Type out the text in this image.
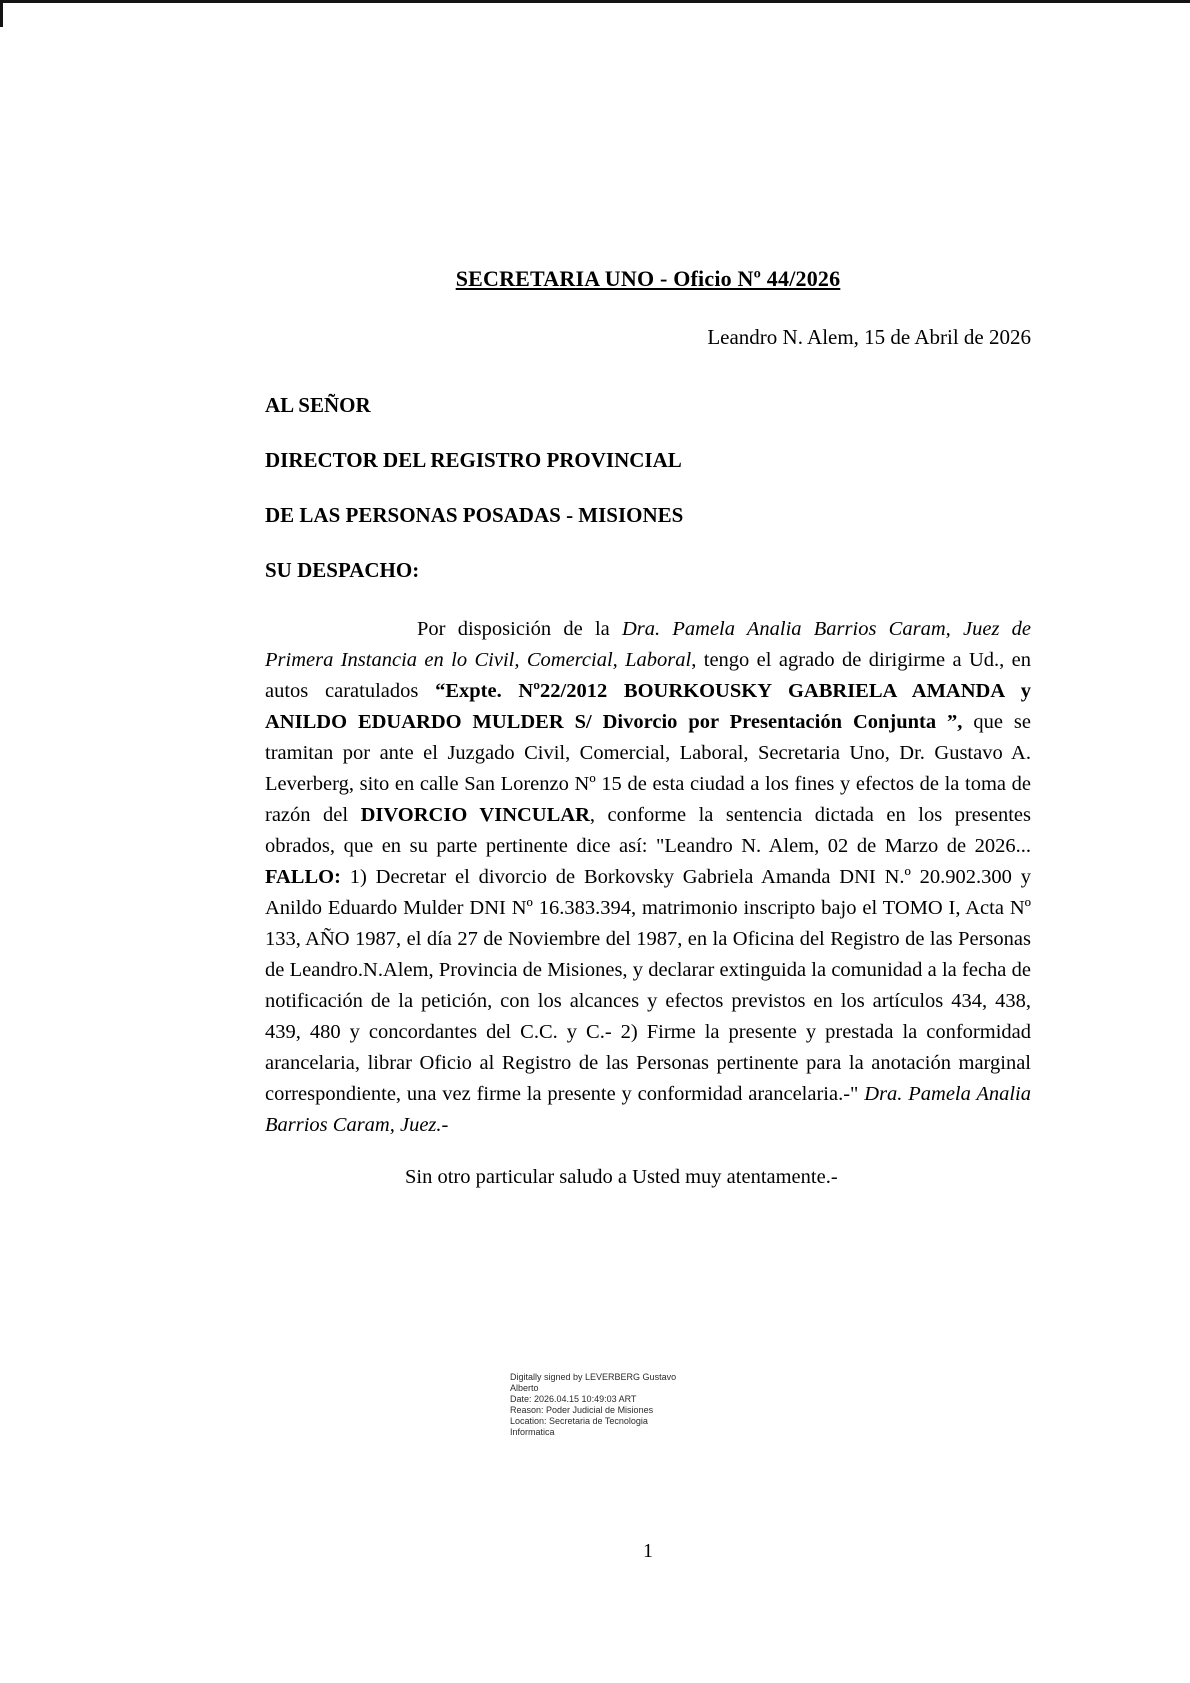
SECRETARIA UNO - Oficio Nº 44/2026
Leandro N. Alem, 15 de Abril de 2026
AL SEÑOR
DIRECTOR DEL REGISTRO PROVINCIAL
DE LAS PERSONAS POSADAS - MISIONES
SU DESPACHO:

Por disposición de la Dra. Pamela Analia Barrios Caram, Juez de Primera Instancia en lo Civil, Comercial, Laboral, tengo el agrado de dirigirme a Ud., en autos caratulados “Expte. Nº22/2012 BOURKOUSKY GABRIELA AMANDA y ANILDO EDUARDO MULDER S/ Divorcio por Presentación Conjunta ”, que se tramitan por ante el Juzgado Civil, Comercial, Laboral, Secretaria Uno, Dr. Gustavo A. Leverberg, sito en calle San Lorenzo Nº 15 de esta ciudad a los fines y efectos de la toma de razón del DIVORCIO VINCULAR, conforme la sentencia dictada en los presentes obrados, que en su parte pertinente dice así: "Leandro N. Alem, 02 de Marzo de 2026... FALLO: 1) Decretar el divorcio de Borkovsky Gabriela Amanda DNI N.º 20.902.300 y Anildo Eduardo Mulder DNI Nº 16.383.394, matrimonio inscripto bajo el TOMO I, Acta Nº 133, AÑO 1987, el día 27 de Noviembre del 1987, en la Oficina del Registro de las Personas de Leandro.N.Alem, Provincia de Misiones, y declarar extinguida la comunidad a la fecha de notificación de la petición, con los alcances y efectos previstos en los artículos 434, 438, 439, 480 y concordantes del C.C. y C.- 2) Firme la presente y prestada la conformidad arancelaria, librar Oficio al Registro de las Personas pertinente para la anotación marginal correspondiente, una vez firme la presente y conformidad arancelaria.-" Dra. Pamela Analia Barrios Caram, Juez.-

Sin otro particular saludo a Usted muy atentamente.-

Digitally signed by LEVERBERG Gustavo
Alberto
Date: 2026.04.15 10:49:03 ART
Reason: Poder Judicial de Misiones
Location: Secretaria de Tecnologia
Informatica
1
